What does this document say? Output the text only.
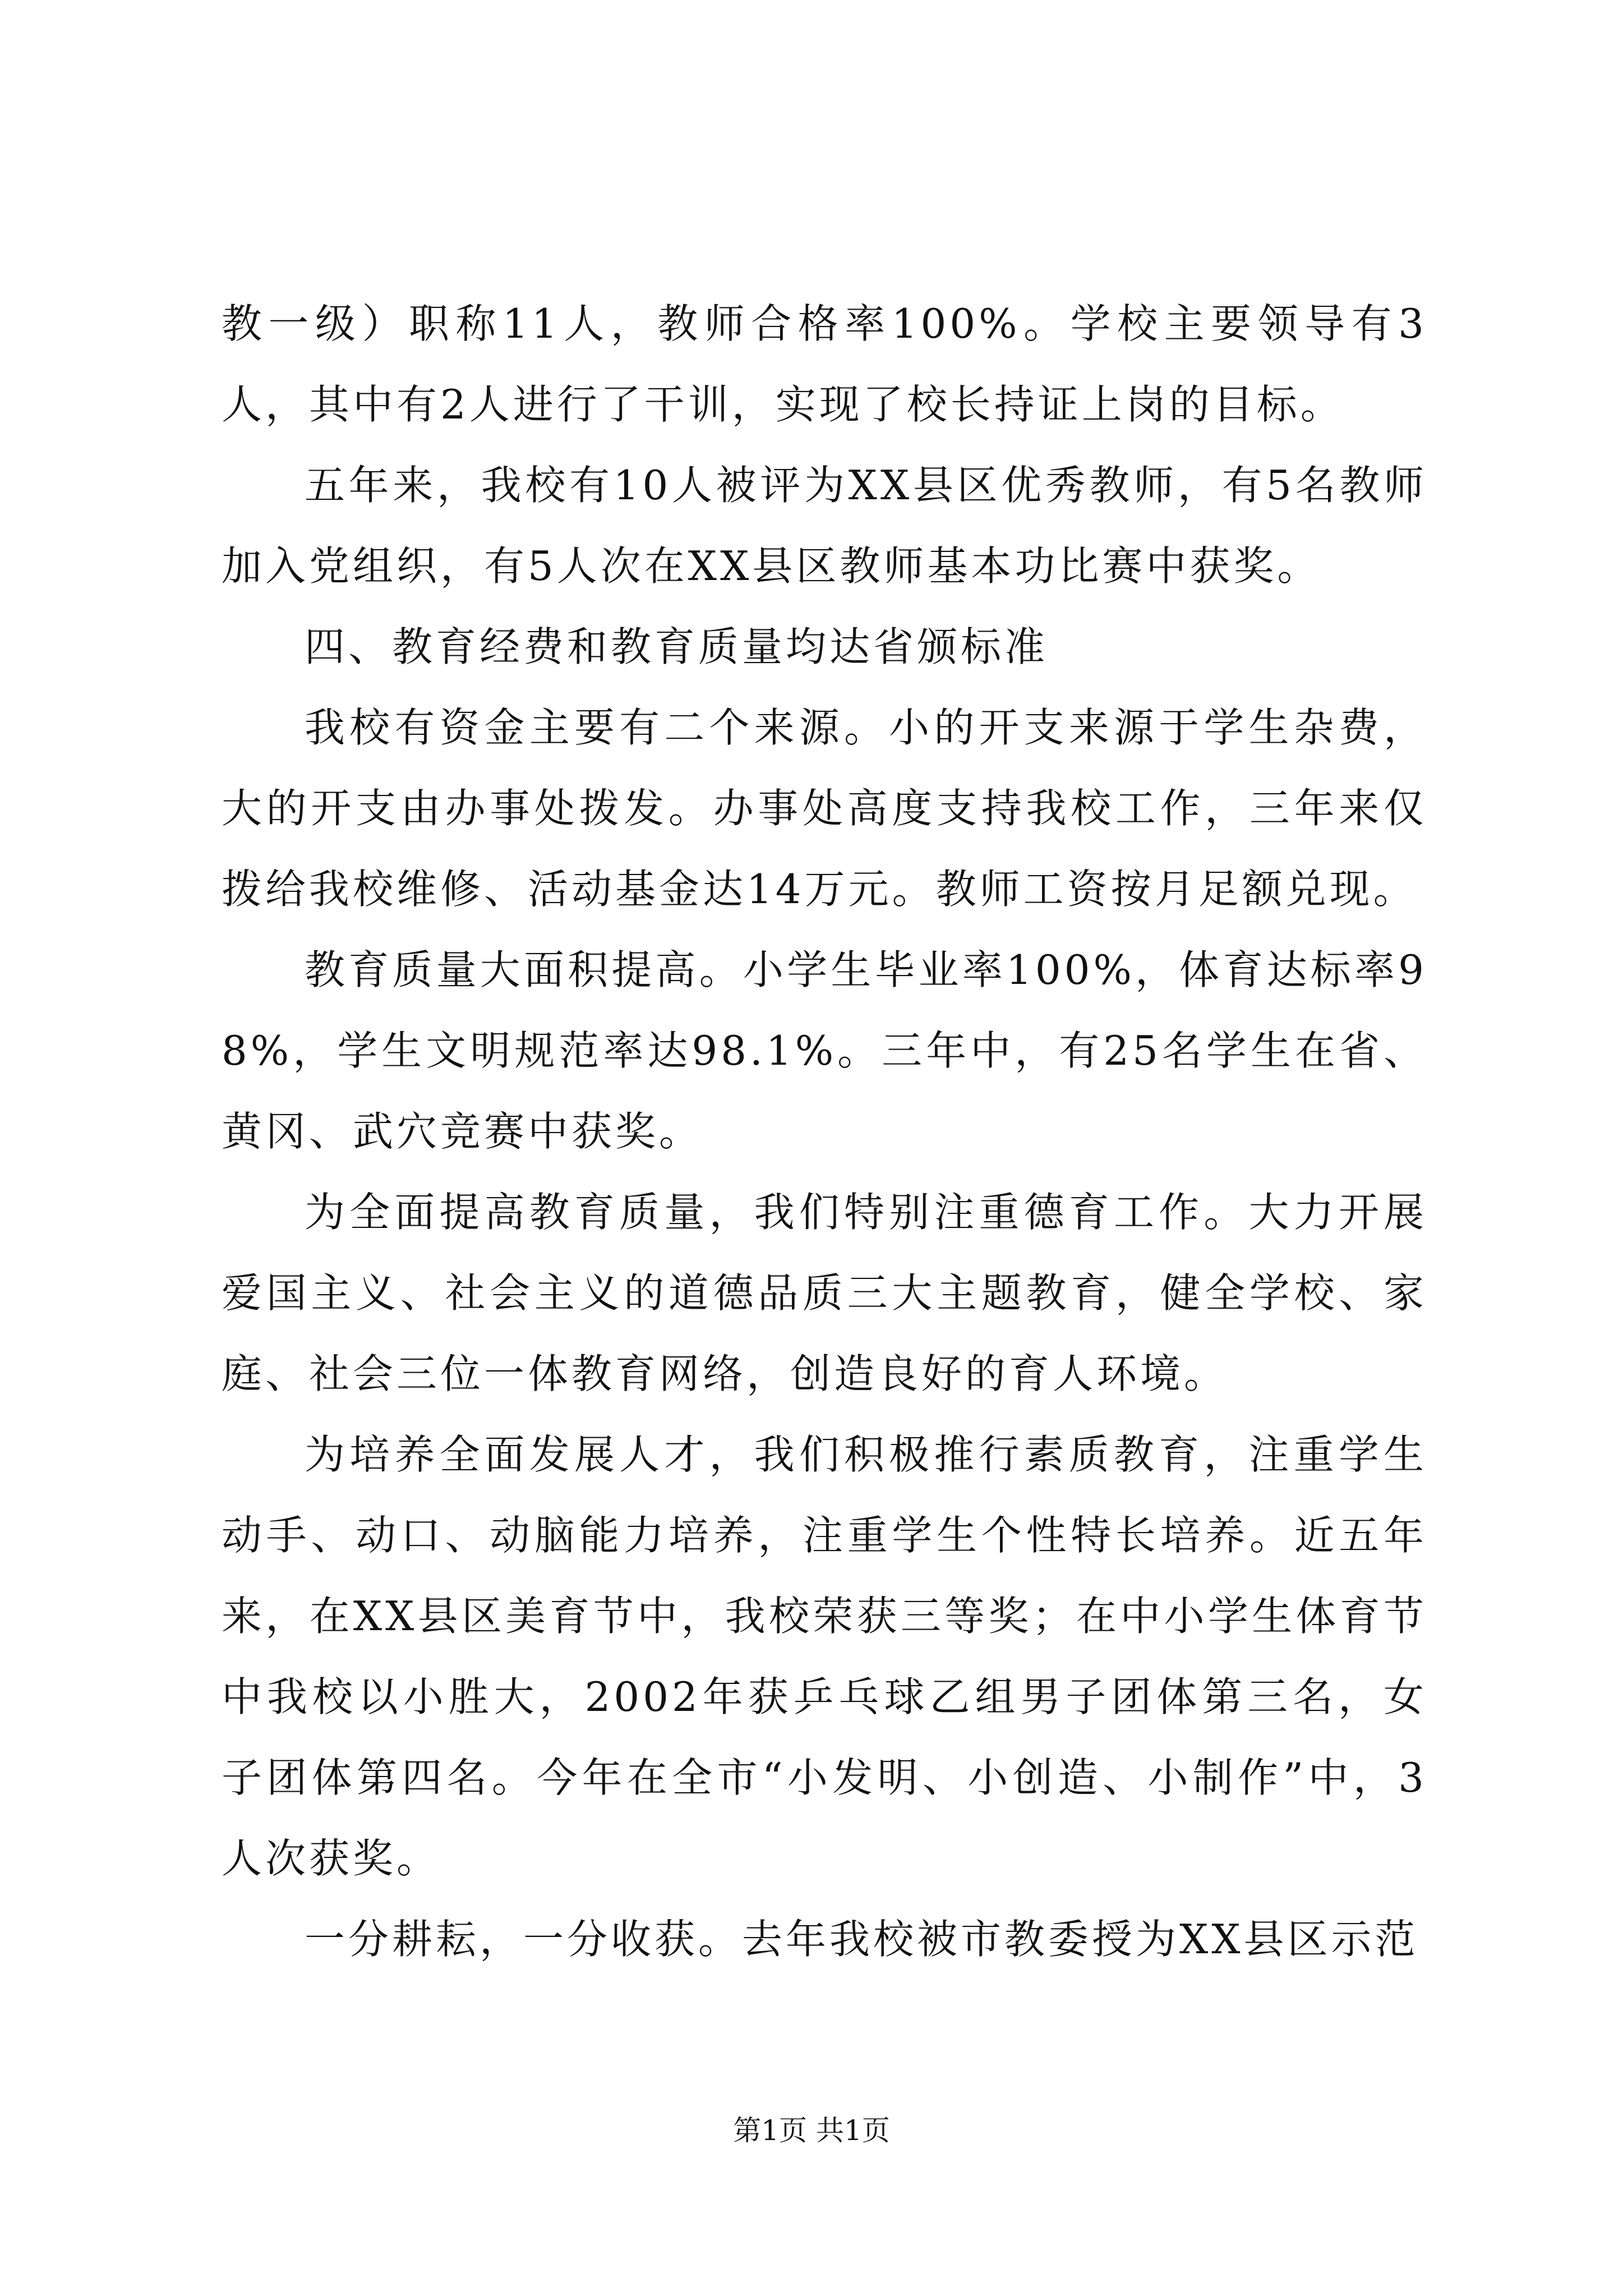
教一级）职称11人，教师合格率100%。学校主要领导有3人，其中有2人进行了干训，实现了校长持证上岗的目标。

五年来，我校有10人被评为XX县区优秀教师，有5名教师加入党组织，有5人次在XX县区教师基本功比赛中获奖。

四、教育经费和教育质量均达省颁标准

我校有资金主要有二个来源。小的开支来源于学生杂费，大的开支由办事处拨发。办事处高度支持我校工作，三年来仅拨给我校维修、活动基金达14万元。教师工资按月足额兑现。

教育质量大面积提高。小学生毕业率100%，体育达标率98%，学生文明规范率达98.1%。三年中，有25名学生在省、黄冈、武穴竞赛中获奖。

为全面提高教育质量，我们特别注重德育工作。大力开展爱国主义、社会主义的道德品质三大主题教育，健全学校、家庭、社会三位一体教育网络，创造良好的育人环境。

为培养全面发展人才，我们积极推行素质教育，注重学生动手、动口、动脑能力培养，注重学生个性特长培养。近五年来，在XX县区美育节中，我校荣获三等奖；在中小学生体育节中我校以小胜大，2002年获乒乓球乙组男子团体第三名，女子团体第四名。今年在全市“小发明、小创造、小制作”中，3人次获奖。

一分耕耘，一分收获。去年我校被市教委授为XX县区示范

第1页 共1页
